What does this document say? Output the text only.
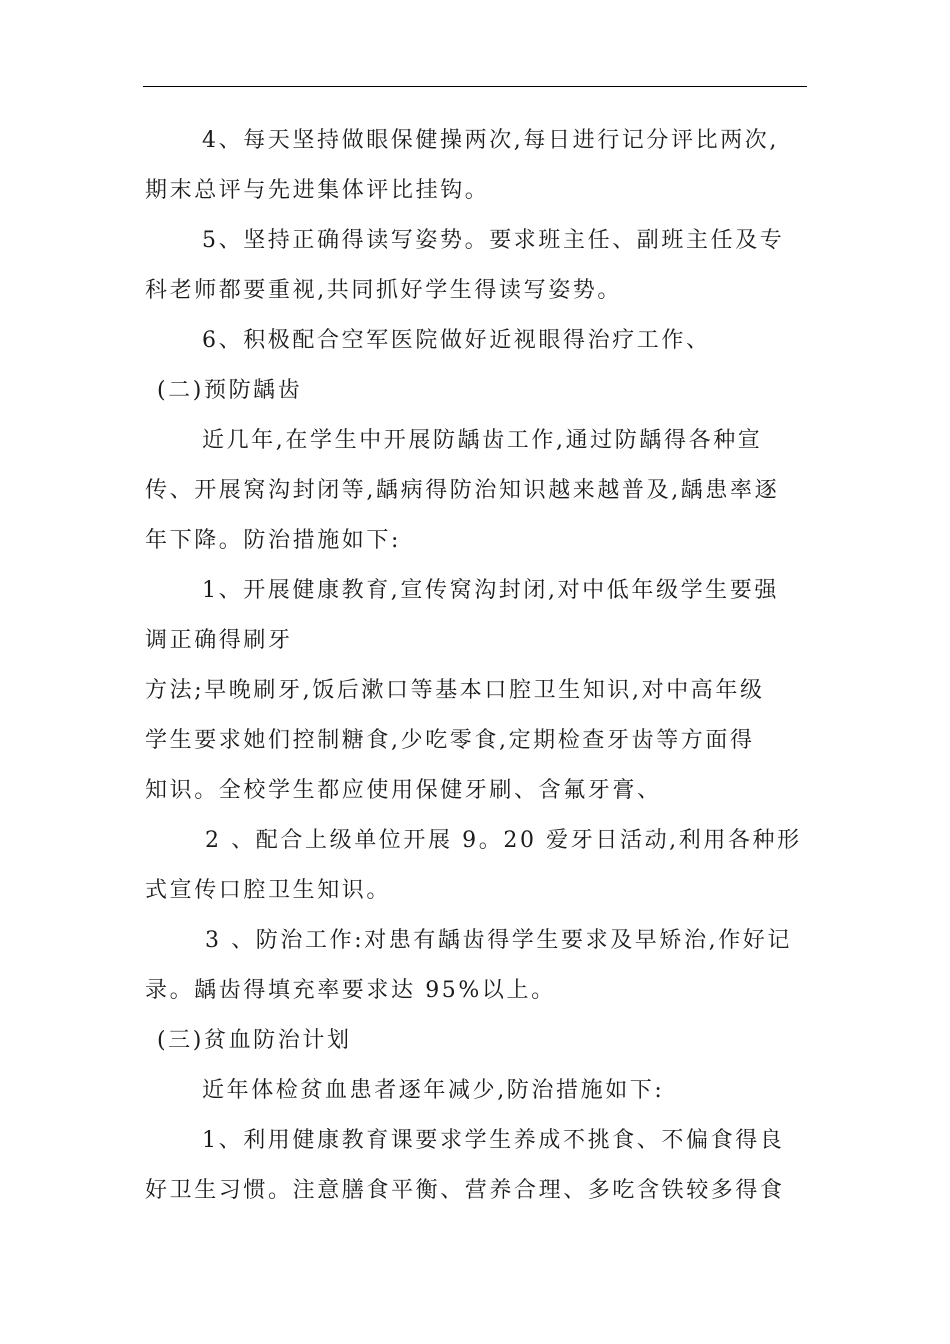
4、每天坚持做眼保健操两次,每日进行记分评比两次,
期末总评与先进集体评比挂钩。
5、坚持正确得读写姿势。要求班主任、副班主任及专
科老师都要重视,共同抓好学生得读写姿势。
6、积极配合空军医院做好近视眼得治疗工作、
(二)预防龋齿
近几年,在学生中开展防龋齿工作,通过防龋得各种宣
传、开展窝沟封闭等,龋病得防治知识越来越普及,龋患率逐
年下降。防治措施如下:
1、开展健康教育,宣传窝沟封闭,对中低年级学生要强
调正确得刷牙
方法;早晚刷牙,饭后漱口等基本口腔卫生知识,对中高年级
学生要求她们控制糖食,少吃零食,定期检查牙齿等方面得
知识。全校学生都应使用保健牙刷、含氟牙膏、
2 、配合上级单位开展 9。20 爱牙日活动,利用各种形
式宣传口腔卫生知识。
3 、防治工作:对患有龋齿得学生要求及早矫治,作好记
录。龋齿得填充率要求达 95%以上。
(三)贫血防治计划
近年体检贫血患者逐年减少,防治措施如下:
1、利用健康教育课要求学生养成不挑食、不偏食得良
好卫生习惯。注意膳食平衡、营养合理、多吃含铁较多得食
